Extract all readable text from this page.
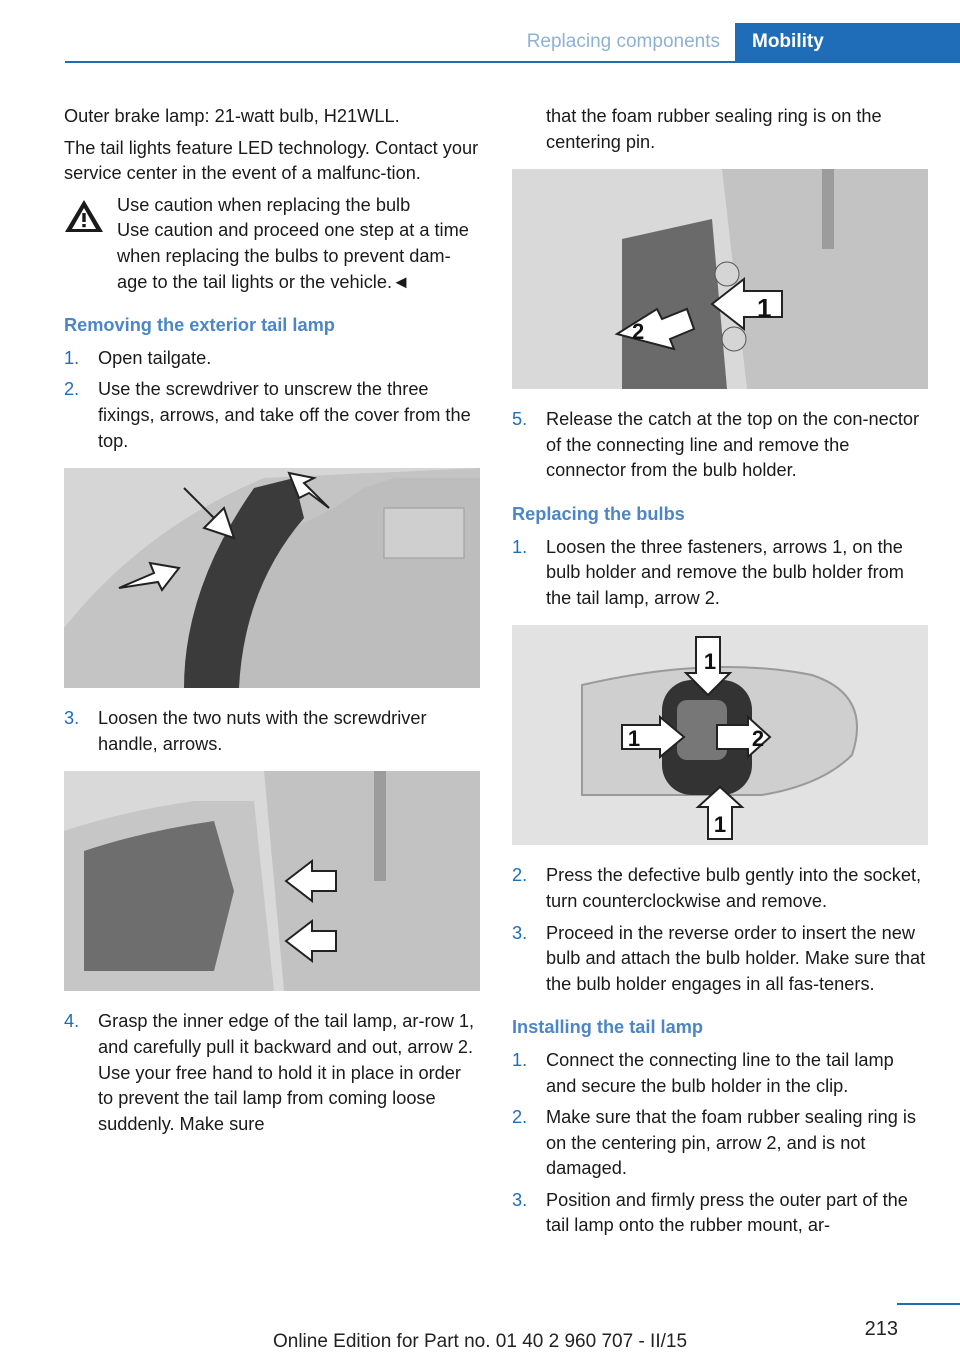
Replacing components	Mobility

Outer brake lamp: 21-watt bulb, H21WLL.

The tail lights feature LED technology. Contact your service center in the event of a malfunc‐tion.

Use caution when replacing the bulb
Use caution and proceed one step at a time when replacing the bulbs to prevent dam‐age to the tail lights or the vehicle.◄
Removing the exterior tail lamp
1.	Open tailgate.
2.	Use the screwdriver to unscrew the three fixings, arrows, and take off the cover from the top.
3.	Loosen the two nuts with the screwdriver handle, arrows.
4.	Grasp the inner edge of the tail lamp, ar‐row 1, and carefully pull it backward and out, arrow 2. Use your free hand to hold it in place in order to prevent the tail lamp from coming loose suddenly. Make sure
that the foam rubber sealing ring is on the centering pin.
1
2
5.	Release the catch at the top on the con‐nector of the connecting line and remove the connector from the bulb holder.
Replacing the bulbs
1.	Loosen the three fasteners, arrows 1, on the bulb holder and remove the bulb holder from the tail lamp, arrow 2.
1
1	2
1
2.	Press the defective bulb gently into the socket, turn counterclockwise and remove.
3.	Proceed in the reverse order to insert the new bulb and attach the bulb holder. Make sure that the bulb holder engages in all fas‐teners.
Installing the tail lamp
1.	Connect the connecting line to the tail lamp and secure the bulb holder in the clip.
2.	Make sure that the foam rubber sealing ring is on the centering pin, arrow 2, and is not damaged.
3.	Position and firmly press the outer part of the tail lamp onto the rubber mount, ar‐
213
Online Edition for Part no. 01 40 2 960 707 - II/15
